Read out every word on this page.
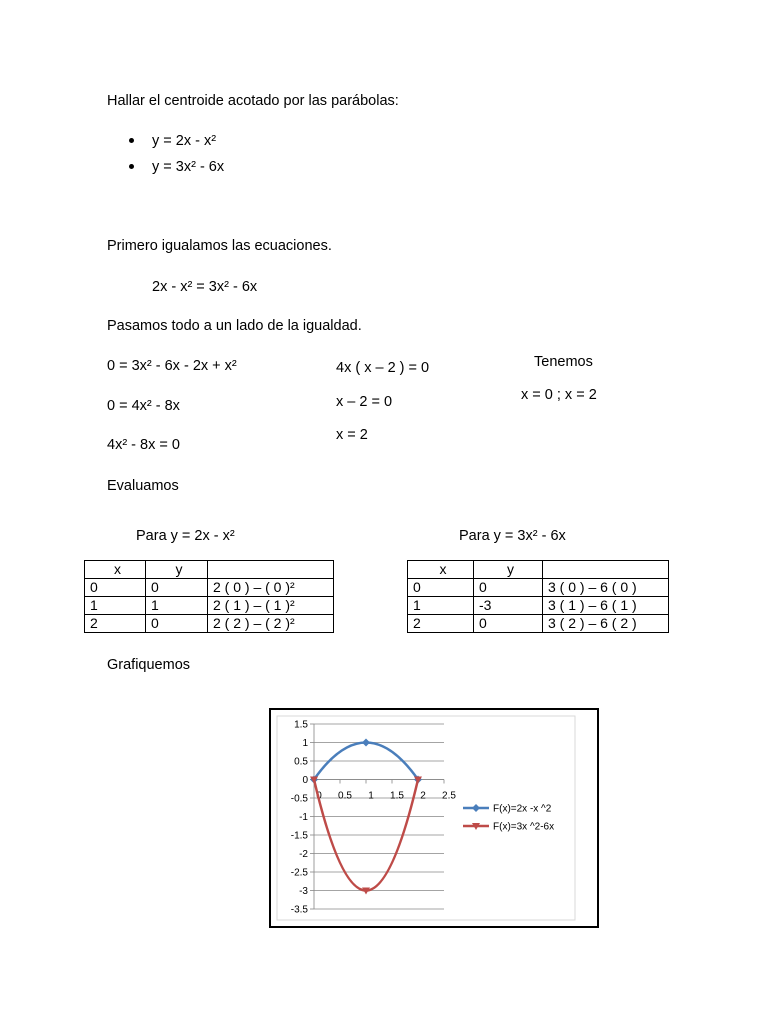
Hallar el centroide acotado por las parábolas:
y = 2x - x²
y = 3x² - 6x
Primero igualamos las ecuaciones.
2x - x² = 3x² - 6x
Pasamos todo a un lado de la igualdad.
0 = 3x² - 6x - 2x + x²
0 = 4x² - 8x
4x² - 8x = 0
4x ( x – 2 ) = 0
x – 2 = 0
x = 2
Tenemos
x = 0 ; x = 2
Evaluamos
Para y = 2x - x²
x	y	
0	0	2 ( 0 ) – ( 0 )²
1	1	2 ( 1 ) – ( 1 )²
2	0	2 ( 2 ) – ( 2 )²
Para y = 3x² - 6x
x	y	
0	0	3 ( 0 ) – 6 ( 0 )
1	-3	3 ( 1 ) – 6 ( 1 )
2	0	3 ( 2 ) – 6 ( 2 )
Grafiquemos
1.5
1
0.5
0
-0.5
-1
-1.5
-2
-2.5
-3
-3.5
0 0.5 1 1.5 2 2.5
F(x)=2x -x ^2
F(x)=3x ^2-6x
